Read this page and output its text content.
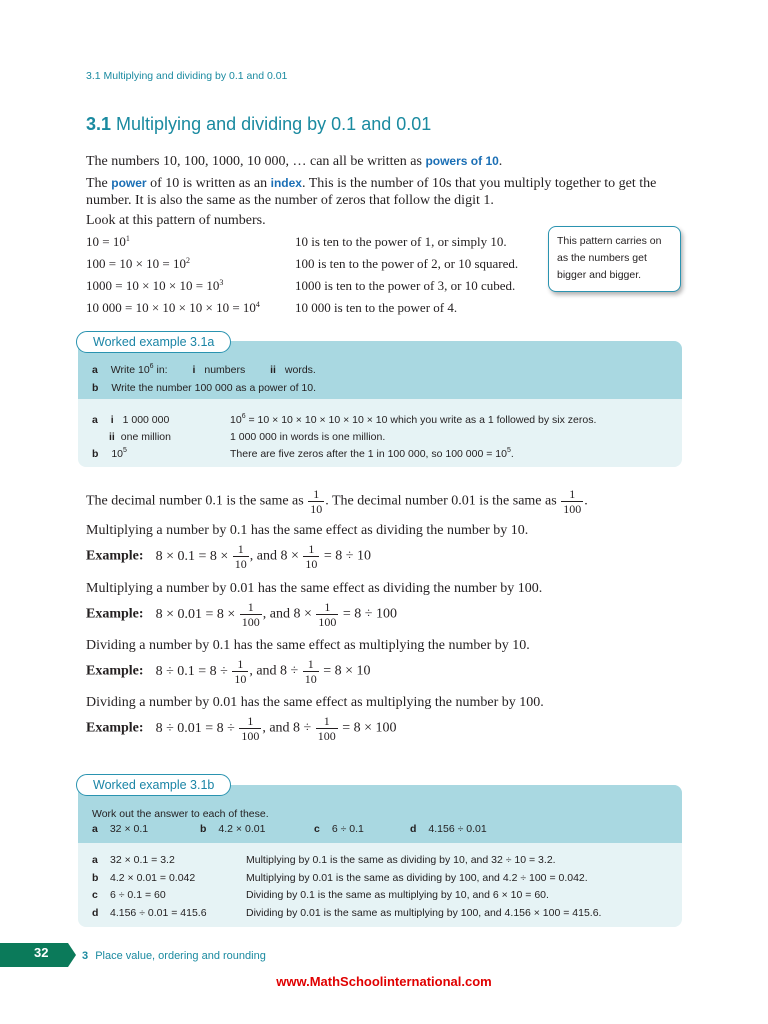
3.1 Multiplying and dividing by 0.1 and 0.01
3.1 Multiplying and dividing by 0.1 and 0.01
The numbers 10, 100, 1000, 10 000, … can all be written as powers of 10.
The power of 10 is written as an index. This is the number of 10s that you multiply together to get the
number. It is also the same as the number of zeros that follow the digit 1.
Look at this pattern of numbers.
$10 = 10^1$	10 is ten to the power of 1, or simply 10.
$100 = 10 \times 10 = 10^2$	100 is ten to the power of 2, or 10 squared.
$1000 = 10 \times 10 \times 10 = 10^3$	1000 is ten to the power of 3, or 10 cubed.
10 $000 = 10 \times 10 \times 10 \times 10 = 10^4$	10 000 is ten to the power of 4.
This pattern carries on as the numbers get bigger and bigger.
Worked example 3.1a
a Write $10^6$ in: i numbers ii words.
b Write the number 100 000 as a power of 10.
a i 1 000 000	$10^6 = 10 \times 10 \times 10 \times 10 \times 10 \times 10$ which you write as a 1 followed by six zeros.
ii one million	1 000 000 in words is one million.
b $10^5$	There are five zeros after the 1 in 100 000, so 100 $000 = 10^5$.
The decimal number 0.1 is the same as $\frac{1}{10}$ . The decimal number 0.01 is the same as $\frac{1}{100}$ .
Multiplying a number by 0.1 has the same effect as dividing the number by 10.
Example: $8 \times 0.1 = 8 \times \frac{1}{10}$ , and $8 \times \frac{1}{10} = 8 \div 10$
Multiplying a number by 0.01 has the same effect as dividing the number by 100.
Example: $8 \times 0.01 = 8 \times \frac{1}{100}$ , and $8 \times \frac{1}{100} = 8 \div 100$
Dividing a number by 0.1 has the same effect as multiplying the number by 10.
Example: $8 \div 0.1 = 8 \div \frac{1}{10}$ , and $8 \div \frac{1}{10} = 8 \times 10$
Dividing a number by 0.01 has the same effect as multiplying the number by 100.
Example: $8 \div 0.01 = 8 \div \frac{1}{100}$ , and $8 \div \frac{1}{100} = 8 \times 100$
Worked example 3.1b
Work out the answer to each of these.
a 32 × 0.1	b 4.2 × 0.01	c 6 ÷ 0.1	d 4.156 ÷ 0.01
a 32 × 0.1 = 3.2	Multiplying by 0.1 is the same as dividing by 10, and 32 ÷ 10 = 3.2.
b 4.2 × 0.01 = 0.042	Multiplying by 0.01 is the same as dividing by 100, and 4.2 ÷ 100 = 0.042.
c 6 ÷ 0.1 = 60	Dividing by 0.1 is the same as multiplying by 10, and 6 × 10 = 60.
d 4.156 ÷ 0.01 = 415.6	Dividing by 0.01 is the same as multiplying by 100, and 4.156 × 100 = 415.6.
32	3 Place value, ordering and rounding
www.MathSchoolinternational.com
